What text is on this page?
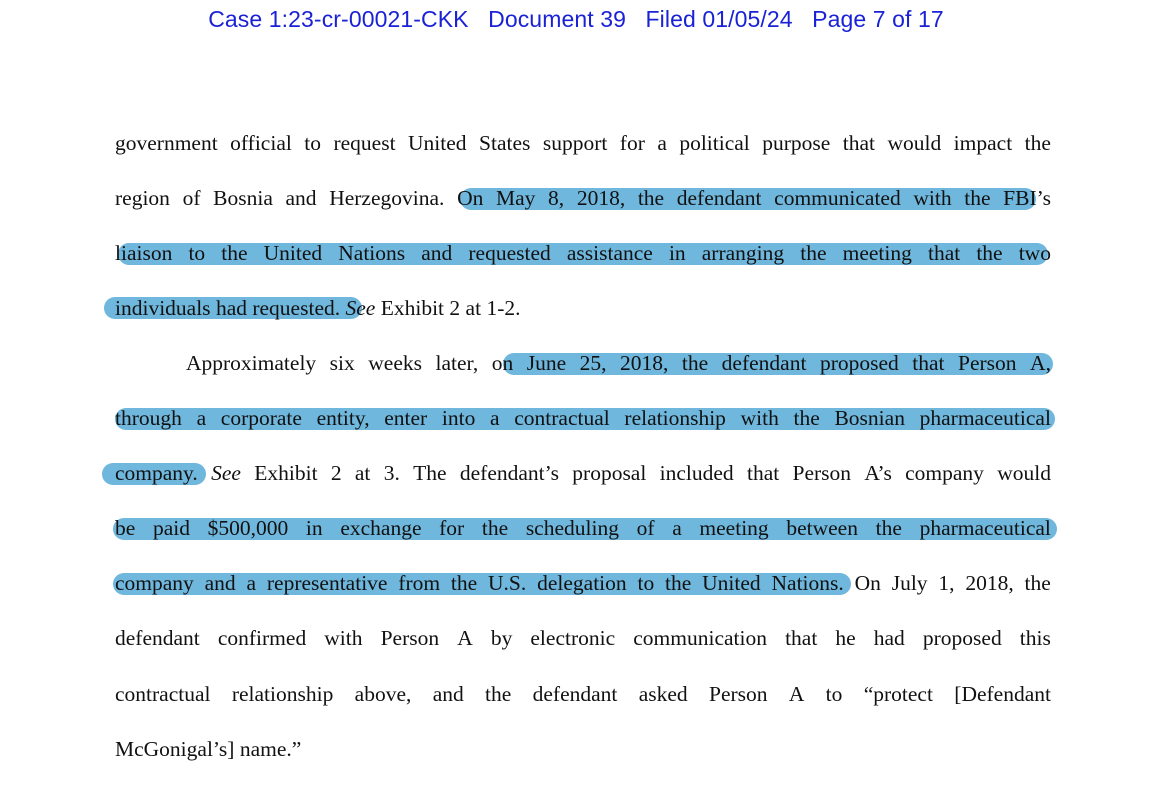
Case 1:23-cr-00021-CKK Document 39 Filed 01/05/24 Page 7 of 17
government official to request United States support for a political purpose that would impact the
region of Bosnia and Herzegovina. On May 8, 2018, the defendant communicated with the FBI’s
liaison to the United Nations and requested assistance in arranging the meeting that the two
individuals had requested. See Exhibit 2 at 1-2.
Approximately six weeks later, on June 25, 2018, the defendant proposed that Person A,
through a corporate entity, enter into a contractual relationship with the Bosnian pharmaceutical
company. See Exhibit 2 at 3. The defendant’s proposal included that Person A’s company would
be paid $500,000 in exchange for the scheduling of a meeting between the pharmaceutical
company and a representative from the U.S. delegation to the United Nations. On July 1, 2018, the
defendant confirmed with Person A by electronic communication that he had proposed this
contractual relationship above, and the defendant asked Person A to “protect [Defendant
McGonigal’s] name.”
